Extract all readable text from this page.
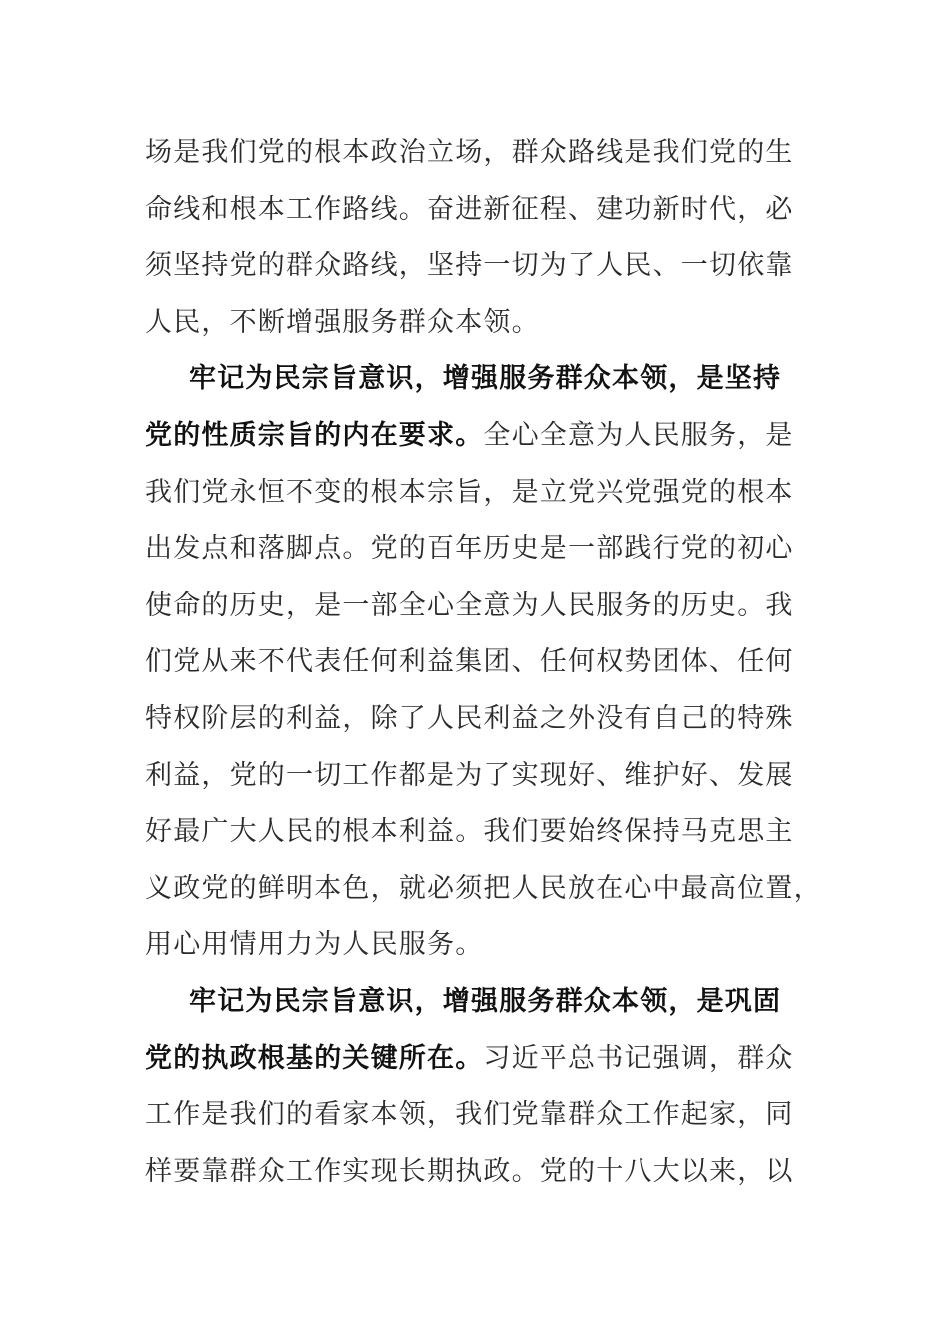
场是我们党的根本政治立场，群众路线是我们党的生
命线和根本工作路线。奋进新征程、建功新时代，必
须坚持党的群众路线，坚持一切为了人民、一切依靠
人民，不断增强服务群众本领。
牢记为民宗旨意识，增强服务群众本领，是坚持
党的性质宗旨的内在要求。全心全意为人民服务，是
我们党永恒不变的根本宗旨，是立党兴党强党的根本
出发点和落脚点。党的百年历史是一部践行党的初心
使命的历史，是一部全心全意为人民服务的历史。我
们党从来不代表任何利益集团、任何权势团体、任何
特权阶层的利益，除了人民利益之外没有自己的特殊
利益，党的一切工作都是为了实现好、维护好、发展
好最广大人民的根本利益。我们要始终保持马克思主
义政党的鲜明本色，就必须把人民放在心中最高位置，
用心用情用力为人民服务。
牢记为民宗旨意识，增强服务群众本领，是巩固
党的执政根基的关键所在。习近平总书记强调，群众
工作是我们的看家本领，我们党靠群众工作起家，同
样要靠群众工作实现长期执政。党的十八大以来，以
